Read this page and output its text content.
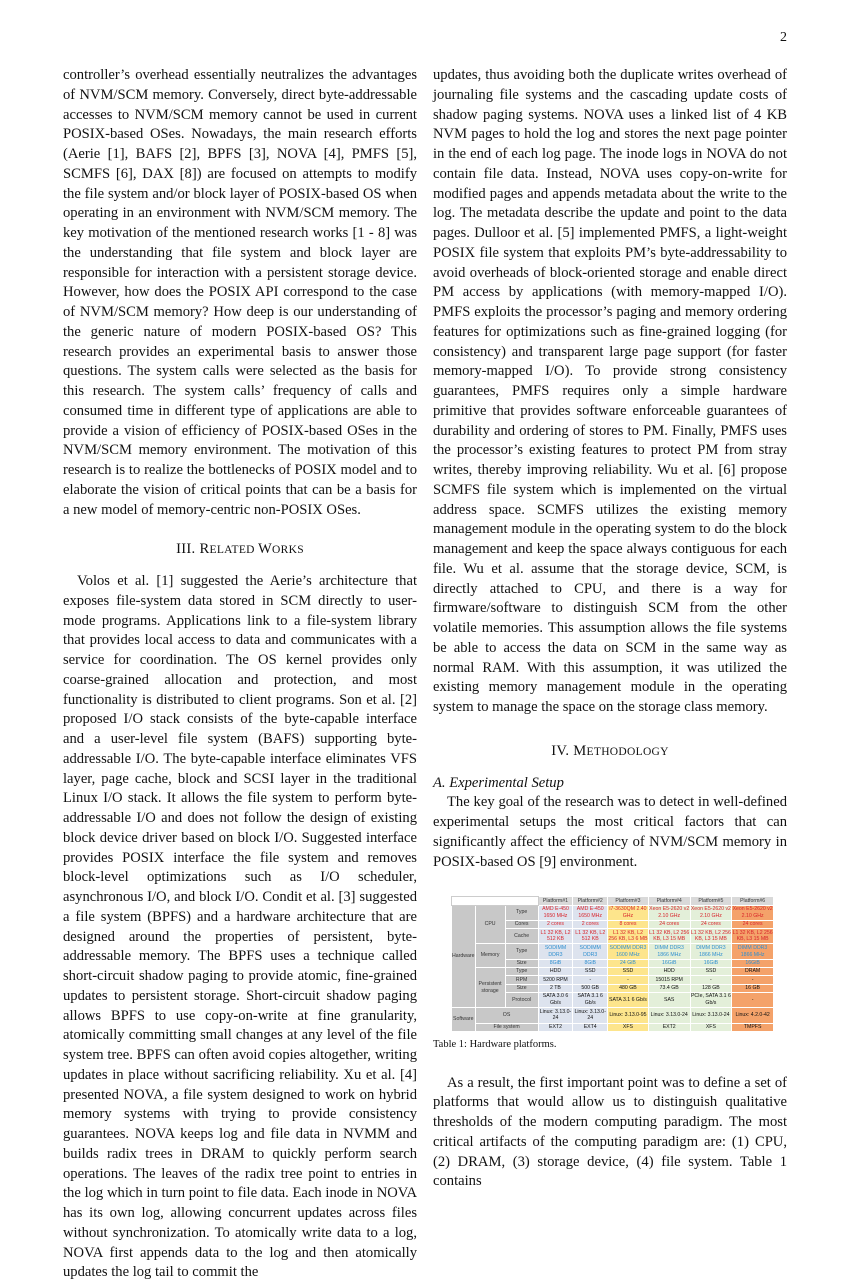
2

controller’s overhead essentially neutralizes the advantages of NVM/SCM memory. Conversely, direct byte-addressable accesses to NVM/SCM memory cannot be used in current POSIX-based OSes. Nowadays, the main research efforts (Aerie [1], BAFS [2], BPFS [3], NOVA [4], PMFS [5], SCMFS [6], DAX [8]) are focused on attempts to modify the file system and/or block layer of POSIX-based OS when operating in an environment with NVM/SCM memory. The key motivation of the mentioned research works [1 - 8] was the understanding that file system and block layer are responsible for interaction with a persistent storage device. However, how does the POSIX API correspond to the case of NVM/SCM memory? How deep is our understanding of the generic nature of modern POSIX-based OS? This research provides an experimental basis to answer those questions. The system calls were selected as the basis for this research. The system calls’ frequency of calls and consumed time in different type of applications are able to provide a vision of efficiency of POSIX-based OSes in the NVM/SCM memory environment. The motivation of this research is to realize the bottlenecks of POSIX model and to elaborate the vision of critical points that can be a basis for a new model of memory-centric non-POSIX OSes.

III. RELATED WORKS

Volos et al. [1] suggested the Aerie’s architecture that exposes file-system data stored in SCM directly to user-mode programs. Applications link to a file-system library that provides local access to data and communicates with a service for coordination. The OS kernel provides only coarse-grained allocation and protection, and most functionality is distributed to client programs. Son et al. [2] proposed I/O stack consists of the byte-capable interface and a user-level file system (BAFS) supporting byte-addressable I/O. The byte-capable interface eliminates VFS layer, page cache, block and SCSI layer in the traditional Linux I/O stack. It allows the file system to perform byte-addressable I/O and does not follow the design of existing block device driver based on block I/O. Suggested interface provides POSIX interface the file system and removes block-level optimizations such as I/O scheduler, asynchronous I/O, and block I/O. Condit et al. [3] suggested a file system (BPFS) and a hardware architecture that are designed around the properties of persistent, byte-addressable memory. The BPFS uses a technique called short-circuit shadow paging to provide atomic, fine-grained updates to persistent storage. Short-circuit shadow paging allows BPFS to use copy-on-write at fine granularity, atomically committing small changes at any level of the file system tree. BPFS can often avoid copies altogether, writing updates in place without sacrificing reliability. Xu et al. [4] presented NOVA, a file system designed to work on hybrid memory systems with trying to provide consistency guarantees. NOVA keeps log and file data in NVMM and builds radix trees in DRAM to quickly perform search operations. The leaves of the radix tree point to entries in the log which in turn point to file data. Each inode in NOVA has its own log, allowing concurrent updates across files without synchronization. To atomically write data to a log, NOVA first appends data to the log and then atomically updates the log tail to commit the

updates, thus avoiding both the duplicate writes overhead of journaling file systems and the cascading update costs of shadow paging systems. NOVA uses a linked list of 4 KB NVM pages to hold the log and stores the next page pointer in the end of each log page. The inode logs in NOVA do not contain file data. Instead, NOVA uses copy-on-write for modified pages and appends metadata about the write to the log. The metadata describe the update and point to the data pages. Dulloor et al. [5] implemented PMFS, a light-weight POSIX file system that exploits PM’s byte-addressability to avoid overheads of block-oriented storage and enable direct PM access by applications (with memory-mapped I/O). PMFS exploits the processor’s paging and memory ordering features for optimizations such as fine-grained logging (for consistency) and transparent large page support (for faster memory-mapped I/O). To provide strong consistency guarantees, PMFS requires only a simple hardware primitive that provides software enforceable guarantees of durability and ordering of stores to PM. Finally, PMFS uses the processor’s existing features to protect PM from stray writes, thereby improving reliability. Wu et al. [6] propose SCMFS file system which is implemented on the virtual address space. SCMFS utilizes the existing memory management module in the operating system to do the block management and keep the space always contiguous for each file. Wu et al. assume that the storage device, SCM, is directly attached to CPU, and there is a way for firmware/software to distinguish SCM from the other volatile memories. This assumption allows the file systems be able to access the data on SCM in the same way as normal RAM. With this assumption, it was utilized the existing memory management module in the operating system to manage the space on the storage class memory.

IV. METHODOLOGY
A. Experimental Setup

The key goal of the research was to detect in well-defined experimental setups the most critical factors that can significantly affect the efficiency of NVM/SCM memory in POSIX-based OS [9] environment.

			Platform#1	Platform#2	Platform#3	Platform#4	Platform#5	Platform#6
Hardware	CPU	Type	AMD E-450 1650 MHz	AMD E-450 1650 MHz	i7-3630QM 2.40 GHz	Xeon E5-2620 v2 2.10 GHz	Xeon E5-2620 v2 2.10 GHz	Xeon E5-2620 v2 2.10 GHz
		Cores	2 cores	2 cores	8 cores	24 cores	24 cores	24 cores
		Cache	L1 32 KB, L2 512 KB	L1 32 KB, L2 512 KB	L1 32 KB, L2 256 KB, L3 6 MB	L1 32 KB, L2 256 KB, L3 15 MB	L1 32 KB, L2 256 KB, L3 15 MB	L1 32 KB, L2 256 KB, L3 15 MB
	Memory	Type	SODIMM DDR3	SODIMM DDR3	SODIMM DDR3 1600 MHz	DIMM DDR3 1866 MHz	DIMM DDR3 1866 MHz	DIMM DDR3 1866 MHz
		Size	8GiB	8GiB	24 GiB	16GiB	16GiB	16GiB
	Persistent storage	Type	HDD	SSD	SSD	HDD	SSD	DRAM
		RPM	5200 RPM	-	-	15015 RPM	-	-
		Size	2 TB	500 GB	480 GB	73.4 GB	128 GB	16 GB
		Protocol	SATA 3.0 6 Gb/s	SATA 3.1 6 Gb/s	SATA 3.1 6 Gb/s	SAS	PCIe, SATA 3.1 6 Gb/s	-
Software	OS		Linux: 3.13.0-24	Linux: 3.13.0-24	Linux: 3.13.0-95	Linux: 3.13.0-24	Linux: 3.13.0-24	Linux: 4.2.0-42
	File system		EXT2	EXT4	XFS	EXT2	XFS	TMPFS
Table 1: Hardware platforms.

As a result, the first important point was to define a set of platforms that would allow us to distinguish qualitative thresholds of the modern computing paradigm. The most critical artifacts of the computing paradigm are: (1) CPU, (2) DRAM, (3) storage device, (4) file system. Table 1 contains
